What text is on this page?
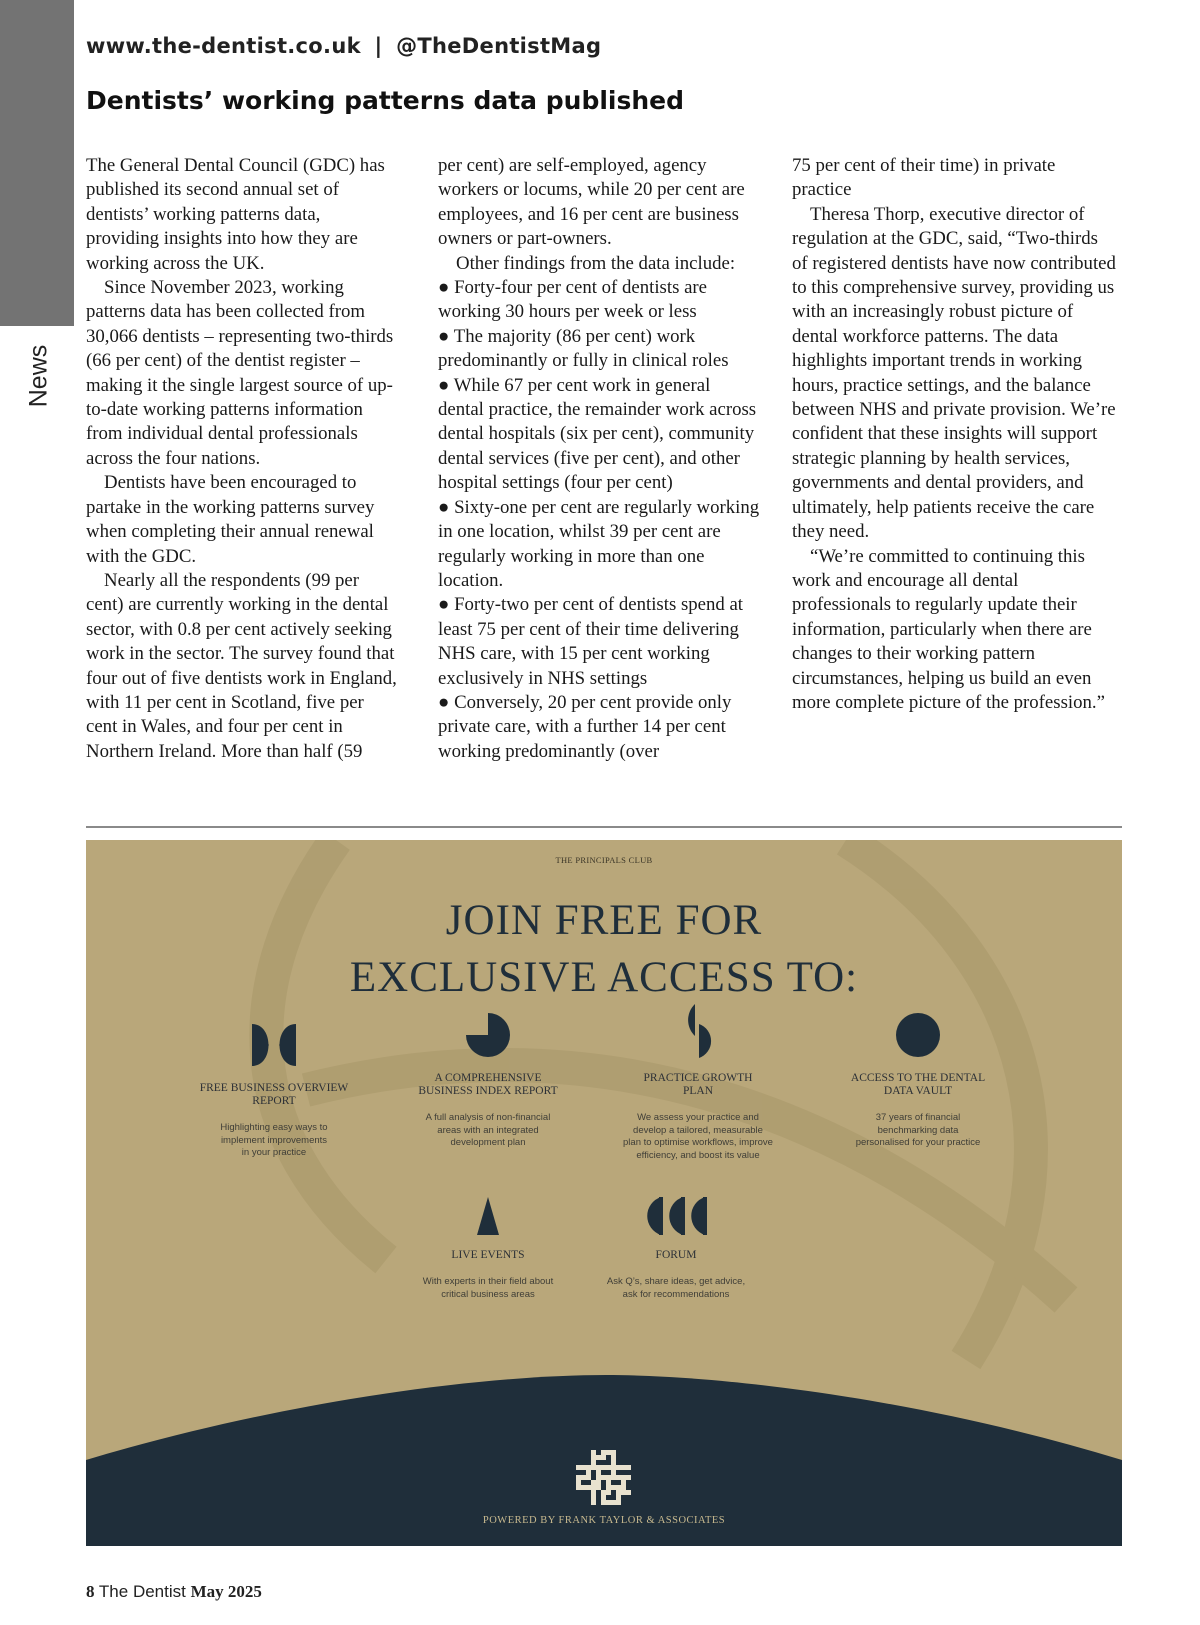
News
www.the-dentist.co.uk | @TheDentistMag
Dentists’ working patterns data published

The General Dental Council (GDC) has published its second annual set of dentists’ working patterns data, providing insights into how they are working across the UK.

Since November 2023, working patterns data has been collected from 30,066 dentists – representing two-thirds (66 per cent) of the dentist register – making it the single largest source of up-to-date working patterns information from individual dental professionals across the four nations.

Dentists have been encouraged to partake in the working patterns survey when completing their annual renewal with the GDC.

Nearly all the respondents (99 per cent) are currently working in the dental sector, with 0.8 per cent actively seeking work in the sector. The survey found that four out of five dentists work in England, with 11 per cent in Scotland, five per cent in Wales, and four per cent in Northern Ireland. More than half (59

per cent) are self-employed, agency workers or locums, while 20 per cent are employees, and 16 per cent are business owners or part-owners.

Other findings from the data include:

● Forty-four per cent of dentists are working 30 hours per week or less

● The majority (86 per cent) work predominantly or fully in clinical roles

● While 67 per cent work in general dental practice, the remainder work across dental hospitals (six per cent), community dental services (five per cent), and other hospital settings (four per cent)

● Sixty-one per cent are regularly working in one location, whilst 39 per cent are regularly working in more than one location.

● Forty-two per cent of dentists spend at least 75 per cent of their time delivering NHS care, with 15 per cent working exclusively in NHS settings

● Conversely, 20 per cent provide only private care, with a further 14 per cent working predominantly (over

75 per cent of their time) in private practice

Theresa Thorp, executive director of regulation at the GDC, said, “Two-thirds of registered dentists have now contributed to this comprehensive survey, providing us with an increasingly robust picture of dental workforce patterns. The data highlights important trends in working hours, practice settings, and the balance between NHS and private provision. We’re confident that these insights will support strategic planning by health services, governments and dental providers, and ultimately, help patients receive the care they need.

“We’re committed to continuing this work and encourage all dental professionals to regularly update their information, particularly when there are changes to their working pattern circumstances, helping us build an even more complete picture of the profession.”

THE PRINCIPALS CLUB
JOIN FREE FOR
EXCLUSIVE ACCESS TO:
FREE BUSINESS OVERVIEW
REPORT
Highlighting easy ways to
implement improvements
in your practice
A COMPREHENSIVE
BUSINESS INDEX REPORT
A full analysis of non-financial
areas with an integrated
development plan
PRACTICE GROWTH
PLAN
We assess your practice and
develop a tailored, measurable
plan to optimise workflows, improve
efficiency, and boost its value
ACCESS TO THE DENTAL
DATA VAULT
37 years of financial
benchmarking data
personalised for your practice
LIVE EVENTS
With experts in their field about
critical business areas
FORUM
Ask Q’s, share ideas, get advice,
ask for recommendations
POWERED BY FRANK TAYLOR & ASSOCIATES
8 The Dentist May 2025
